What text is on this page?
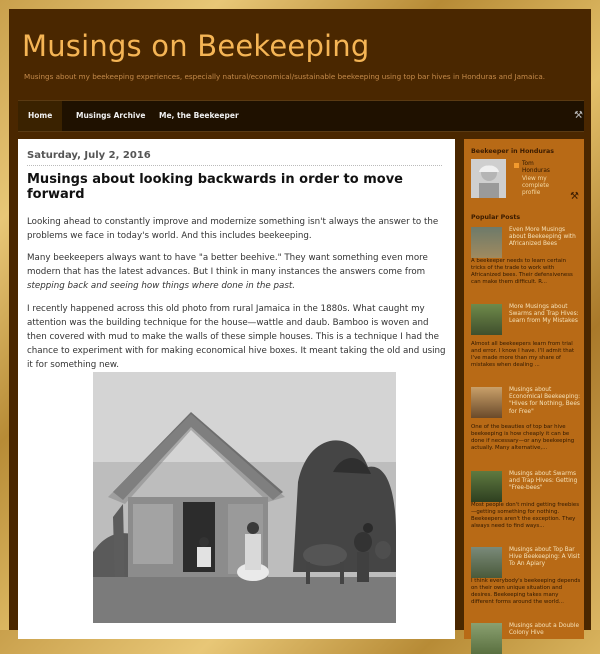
Musings on Beekeeping
Musings about my beekeeping experiences, especially natural/economical/sustainable beekeeping using top bar hives in Honduras and Jamaica.
Home	Musings Archive	Me, the Beekeeper	⚒
Saturday, July 2, 2016
Musings about looking backwards in order to move forward

Looking ahead to constantly improve and modernize something isn't always the answer to the problems we face in today's world. And this includes beekeeping.

Many beekeepers always want to have "a better beehive." They want something even more modern that has the latest advances. But I think in many instances the answers come from stepping back and seeing how things where done in the past.

I recently happened across this old photo from rural Jamaica in the 1880s. What caught my attention was the building technique for the house—wattle and daub. Bamboo is woven and then covered with mud to make the walls of these simple houses. This is a technique I had the chance to experiment with for making economical hive boxes. It meant taking the old and using it for something new.

Beekeeper in Honduras
Tom Honduras
View my complete profile	⚒
Popular Posts
Even More Musings about Beekeeping with Africanized Bees
A beekeeper needs to learn certain tricks of the trade to work with Africanized bees. Their defensiveness can make them difficult. R...
More Musings about Swarms and Trap Hives: Learn from My Mistakes
Almost all beekeepers learn from trial and error. I know I have. I'll admit that I've made more than my share of mistakes when dealing ...
Musings about Economical Beekeeping: "Hives for Nothing, Bees for Free"
One of the beauties of top bar hive beekeeping is how cheaply it can be done if necessary—or any beekeeping actually. Many alternative,...
Musings about Swarms and Trap Hives: Getting "Free-bees"
Most people don't mind getting freebies—getting something for nothing. Beekeepers aren't the exception. They always need to find ways...
Musings about Top Bar Hive Beekeeping: A Visit To An Apiary
I think everybody's beekeeping depends on their own unique situation and desires. Beekeeping takes many different forms around the world...
Musings about a Double Colony Hive
